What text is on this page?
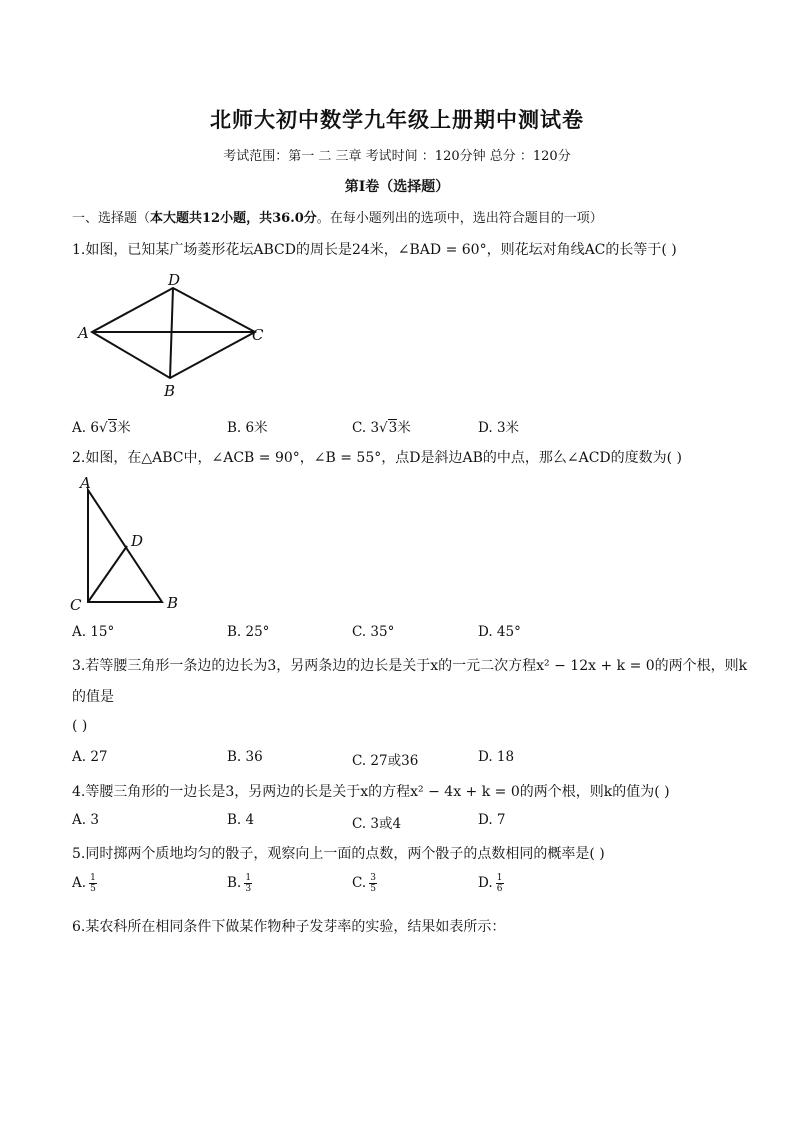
北师大初中数学九年级上册期中测试卷
考试范围：第一 二 三章 考试时间 ：120分钟 总分 ：120分
第Ⅰ卷（选择题）
一、选择题（本大题共12小题，共36.0分。在每小题列出的选项中，选出符合题目的一项）
1.如图，已知某广场菱形花坛ABCD的周长是24米，∠BAD = 60°，则花坛对角线AC的长等于( )
D
A	C
B
A. 6√3米	B. 6米	C. 3√3米	D. 3米
2.如图，在△ABC中，∠ACB = 90°，∠B = 55°，点D是斜边AB的中点，那么∠ACD的度数为( )
A
D
C	B
A. 15°	B. 25°	C. 35°	D. 45°
3.若等腰三角形一条边的边长为3，另两条边的边长是关于x的一元二次方程x² − 12x + k = 0的两个根，则k
的值是
( )
A. 27	B. 36	C. 27或36	D. 18
4.等腰三角形的一边长是3，另两边的长是关于x的方程x² − 4x + k = 0的两个根，则k的值为( )
A. 3	B. 4	C. 3或4	D. 7
5.同时掷两个质地均匀的骰子，观察向上一面的点数，两个骰子的点数相同的概率是( )
A. $\frac{1}{5}$	B. $\frac{1}{3}$	C. $\frac{3}{5}$	D. $\frac{1}{6}$
6.某农科所在相同条件下做某作物种子发芽率的实验，结果如表所示：
